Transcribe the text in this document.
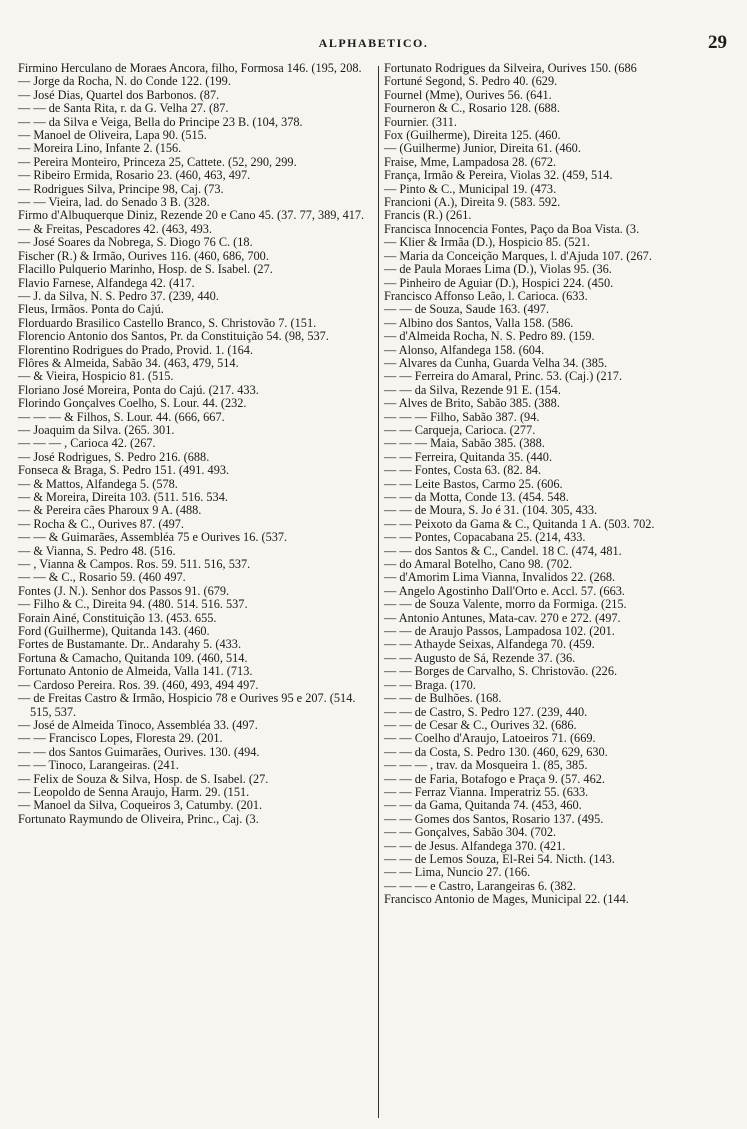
ALPHABETICO.	29
Firmino Herculano de Moraes Ancora, filho, Formosa 146. (195, 208.
— Jorge da Rocha, N. do Conde 122. (199.
— José Dias, Quartel dos Barbonos. (87.
— — de Santa Rita, r. da G. Velha 27. (87.
— — da Silva e Veiga, Bella do Principe 23 B. (104, 378.
— Manoel de Oliveira, Lapa 90. (515.
— Moreira Lino, Infante 2. (156.
— Pereira Monteiro, Princeza 25, Cattete. (52, 290, 299.
— Ribeiro Ermida, Rosario 23. (460, 463, 497.
— Rodrigues Silva, Principe 98, Caj. (73.
— — Vieira, lad. do Senado 3 B. (328.
Firmo d'Albuquerque Diniz, Rezende 20 e Cano 45. (37. 77, 389, 417.
— & Freitas, Pescadores 42. (463, 493.
— José Soares da Nobrega, S. Diogo 76 C. (18.
Fischer (R.) & Irmão, Ourives 116. (460, 686, 700.
Flacillo Pulquerio Marinho, Hosp. de S. Isabel. (27.
Flavio Farnese, Alfandega 42. (417.
— J. da Silva, N. S. Pedro 37. (239, 440.
Fleus, Irmãos. Ponta do Cajú.
Florduardo Brasilico Castello Branco, S. Christovão 7. (151.
Florencio Antonio dos Santos, Pr. da Constituição 54. (98, 537.
Florentino Rodrigues do Prado, Provid. 1. (164.
Flôres & Almeida, Sabão 34. (463, 479, 514.
— & Vieira, Hospicio 81. (515.
Floriano José Moreira, Ponta do Cajú. (217. 433.
Florindo Gonçalves Coelho, S. Lour. 44. (232.
— — — & Filhos, S. Lour. 44. (666, 667.
— Joaquim da Silva. (265. 301.
— — — , Carioca 42. (267.
— José Rodrigues, S. Pedro 216. (688.
Fonseca & Braga, S. Pedro 151. (491. 493.
— & Mattos, Alfandega 5. (578.
— & Moreira, Direita 103. (511. 516. 534.
— & Pereira cães Pharoux 9 A. (488.
— Rocha & C., Ourives 87. (497.
— — & Guimarães, Assembléa 75 e Ourives 16. (537.
— & Vianna, S. Pedro 48. (516.
— , Vianna & Campos. Ros. 59. 511. 516, 537.
— — & C., Rosario 59. (460 497.
Fontes (J. N.). Senhor dos Passos 91. (679.
— Filho & C., Direita 94. (480. 514. 516. 537.
Forain Ainé, Constituição 13. (453. 655.
Ford (Guilherme), Quitanda 143. (460.
Fortes de Bustamante. Dr.. Andarahy 5. (433.
Fortuna & Camacho, Quitanda 109. (460, 514.
Fortunato Antonio de Almeida, Valla 141. (713.
— Cardoso Pereira. Ros. 39. (460, 493, 494 497.
— de Freitas Castro & Irmão, Hospicio 78 e Ourives 95 e 207. (514. 515, 537.
— José de Almeida Tinoco, Assembléa 33. (497.
— — Francisco Lopes, Floresta 29. (201.
— — dos Santos Guimarães, Ourives. 130. (494.
— — Tinoco, Larangeiras. (241.
— Felix de Souza & Silva, Hosp. de S. Isabel. (27.
— Leopoldo de Senna Araujo, Harm. 29. (151.
— Manoel da Silva, Coqueiros 3, Catumby. (201.
Fortunato Raymundo de Oliveira, Princ., Caj. (3.
Fortunato Rodrigues da Silveira, Ourives 150. (686
Fortuné Segond, S. Pedro 40. (629.
Fournel (Mme), Ourives 56. (641.
Fourneron & C., Rosario 128. (688.
Fournier. (311.
Fox (Guilherme), Direita 125. (460.
— (Guilherme) Junior, Direita 61. (460.
Fraise, Mme, Lampadosa 28. (672.
França, Irmão & Pereira, Violas 32. (459, 514.
— Pinto & C., Municipal 19. (473.
Francioni (A.), Direita 9. (583. 592.
Francis (R.) (261.
Francisca Innocencia Fontes, Paço da Boa Vista. (3.
— Klier & Irmãa (D.), Hospicio 85. (521.
— Maria da Conceição Marques, l. d'Ajuda 107. (267.
— de Paula Moraes Lima (D.), Violas 95. (36.
— Pinheiro de Aguiar (D.), Hospici 224. (450.
Francisco Affonso Leão, l. Carioca. (633.
— — de Souza, Saude 163. (497.
— Albino dos Santos, Valla 158. (586.
— d'Almeida Rocha, N. S. Pedro 89. (159.
— Alonso, Alfandega 158. (604.
— Alvares da Cunha, Guarda Velha 34. (385.
— — Ferreira do Amaral, Princ. 53. (Caj.) (217.
— — da Silva, Rezende 91 E. (154.
— Alves de Brito, Sabão 385. (388.
— — — Filho, Sabão 387. (94.
— — Carqueja, Carioca. (277.
— — — Maia, Sabão 385. (388.
— — Ferreira, Quitanda 35. (440.
— — Fontes, Costa 63. (82. 84.
— — Leite Bastos, Carmo 25. (606.
— — da Motta, Conde 13. (454. 548.
— — de Moura, S. Jo é 31. (104. 305, 433.
— — Peixoto da Gama & C., Quitanda 1 A. (503. 702.
— — Pontes, Copacabana 25. (214, 433.
— — dos Santos & C., Candel. 18 C. (474, 481.
— do Amaral Botelho, Cano 98. (702.
— d'Amorim Lima Vianna, Invalidos 22. (268.
— Angelo Agostinho Dall'Orto e. Accl. 57. (663.
— — de Souza Valente, morro da Formiga. (215.
— Antonio Antunes, Mata-cav. 270 e 272. (497.
— — de Araujo Passos, Lampadosa 102. (201.
— — Athayde Seixas, Alfandega 70. (459.
— — Augusto de Sá, Rezende 37. (36.
— — Borges de Carvalho, S. Christovão. (226.
— — Braga. (170.
— — de Bulhões. (168.
— — de Castro, S. Pedro 127. (239, 440.
— — de Cesar & C., Ourives 32. (686.
— — Coelho d'Araujo, Latoeiros 71. (669.
— — da Costa, S. Pedro 130. (460, 629, 630.
— — — , trav. da Mosqueira 1. (85, 385.
— — de Faria, Botafogo e Praça 9. (57. 462.
— — Ferraz Vianna. Imperatriz 55. (633.
— — da Gama, Quitanda 74. (453, 460.
— — Gomes dos Santos, Rosario 137. (495.
— — Gonçalves, Sabão 304. (702.
— — de Jesus. Alfandega 370. (421.
— — de Lemos Souza, El-Rei 54. Nicth. (143.
— — Lima, Nuncio 27. (166.
— — — e Castro, Larangeiras 6. (382.
Francisco Antonio de Mages, Municipal 22. (144.
